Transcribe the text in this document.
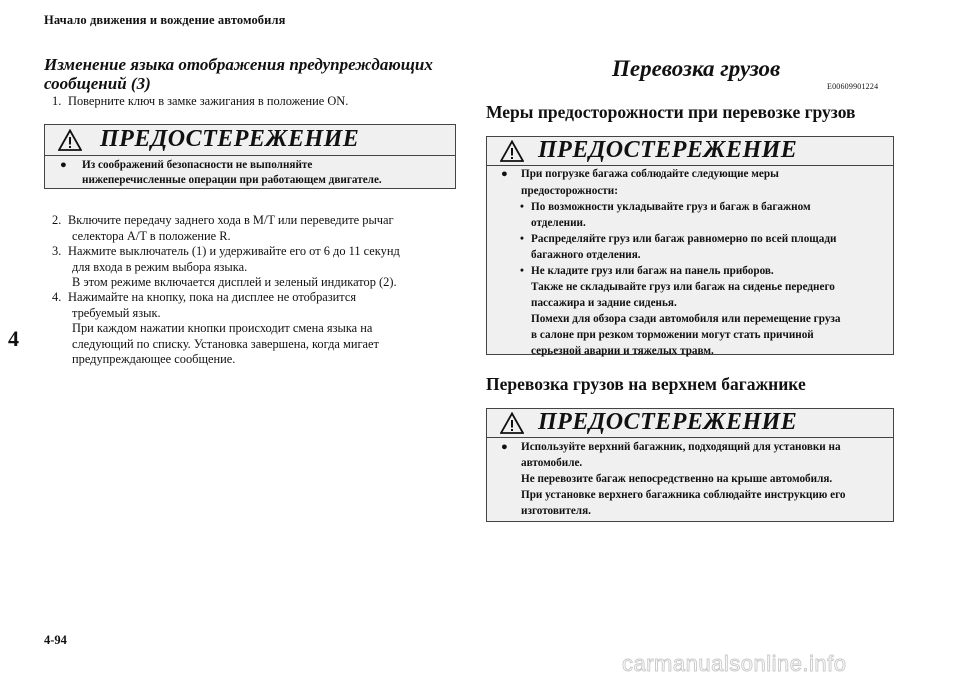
Начало движения и вождение автомобиля
4
Изменение языка отображения предупреждающих
сообщений (3)
1. Поверните ключ в замке зажигания в положение ON.
ПРЕДОСТЕРЕЖЕНИЕ
● Из соображений безопасности не выполняйте
нижеперечисленные операции при работающем двигателе.
2. Включите передачу заднего хода в M/T или переведите рычаг
селектора A/T в положение R.
3. Нажмите выключатель (1) и удерживайте его от 6 до 11 секунд
для входа в режим выбора языка.
В этом режиме включается дисплей и зеленый индикатор (2).
4. Нажимайте на кнопку, пока на дисплее не отобразится
требуемый язык.
При каждом нажатии кнопки происходит смена языка на
следующий по списку. Установка завершена, когда мигает
предупреждающее сообщение.
Перевозка грузов
E00609901224
Меры предосторожности при перевозке грузов
ПРЕДОСТЕРЕЖЕНИЕ
● При погрузке багажа соблюдайте следующие меры
предосторожности:
• По возможности укладывайте груз и багаж в багажном
отделении.
• Распределяйте груз или багаж равномерно по всей площади
багажного отделения.
• Не кладите груз или багаж на панель приборов.
Также не складывайте груз или багаж на сиденье переднего
пассажира и задние сиденья.
Помехи для обзора сзади автомобиля или перемещение груза
в салоне при резком торможении могут стать причиной
серьезной аварии и тяжелых травм.
Перевозка грузов на верхнем багажнике
ПРЕДОСТЕРЕЖЕНИЕ
● Используйте верхний багажник, подходящий для установки на
автомобиле.
Не перевозите багаж непосредственно на крыше автомобиля.
При установке верхнего багажника соблюдайте инструкцию его
изготовителя.
4-94
carmanualsonline.info
